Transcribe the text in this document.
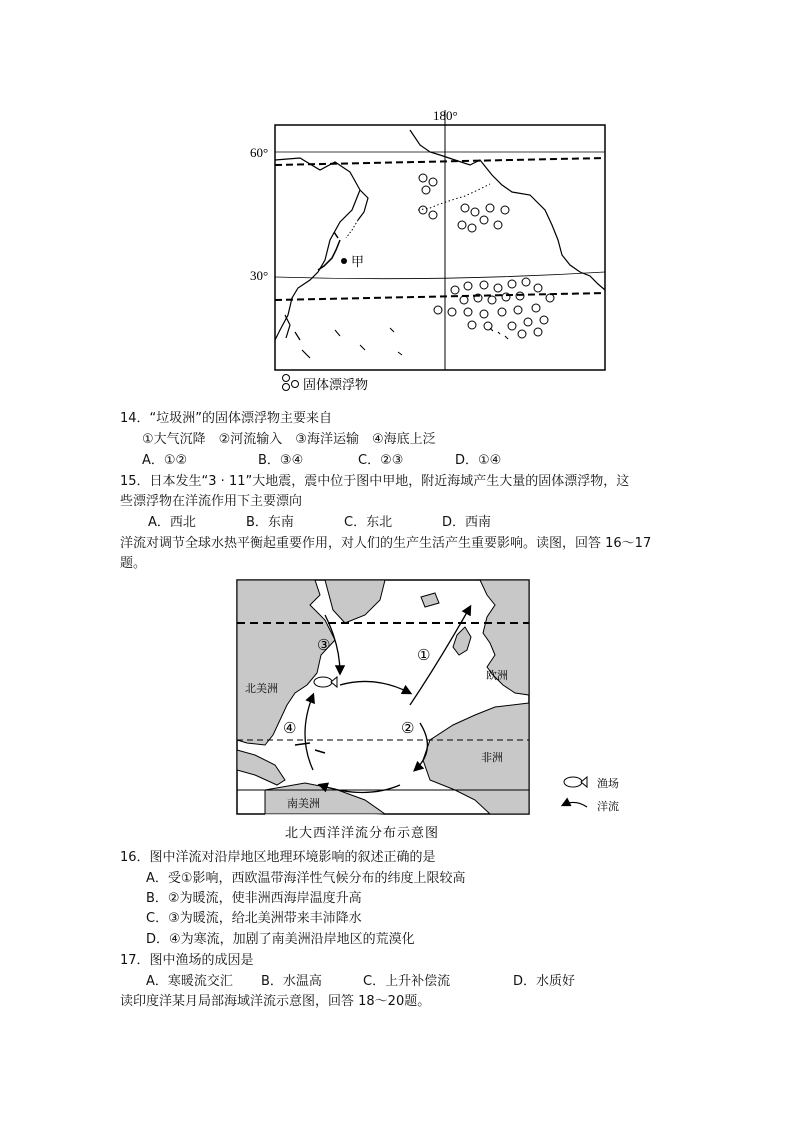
180°
60°
30°
甲
固体漂浮物
14．“垃圾洲”的固体漂浮物主要来自
①大气沉降　②河流输入　③海洋运输　④海底上泛
A．①②	B．③④	C．②③	D．①④
15．日本发生“3 · 11”大地震，震中位于图中甲地，附近海域产生大量的固体漂浮物，这
些漂浮物在洋流作用下主要漂向
A．西北	B．东南	C．东北	D．西南
洋流对调节全球水热平衡起重要作用，对人们的生产生活产生重要影响。读图，回答 16～17
题。
①
②
③
④
北美洲
欧洲
非洲
南美洲
北大西洋洋流分布示意图
渔场
洋流
16．图中洋流对沿岸地区地理环境影响的叙述正确的是
A．受①影响，西欧温带海洋性气候分布的纬度上限较高
B．②为暖流，使非洲西海岸温度升高
C．③为暖流，给北美洲带来丰沛降水
D．④为寒流，加剧了南美洲沿岸地区的荒漠化
17．图中渔场的成因是
A．寒暖流交汇 B．水温高	C．上升补偿流	D．水质好
读印度洋某月局部海域洋流示意图，回答 18～20题。
